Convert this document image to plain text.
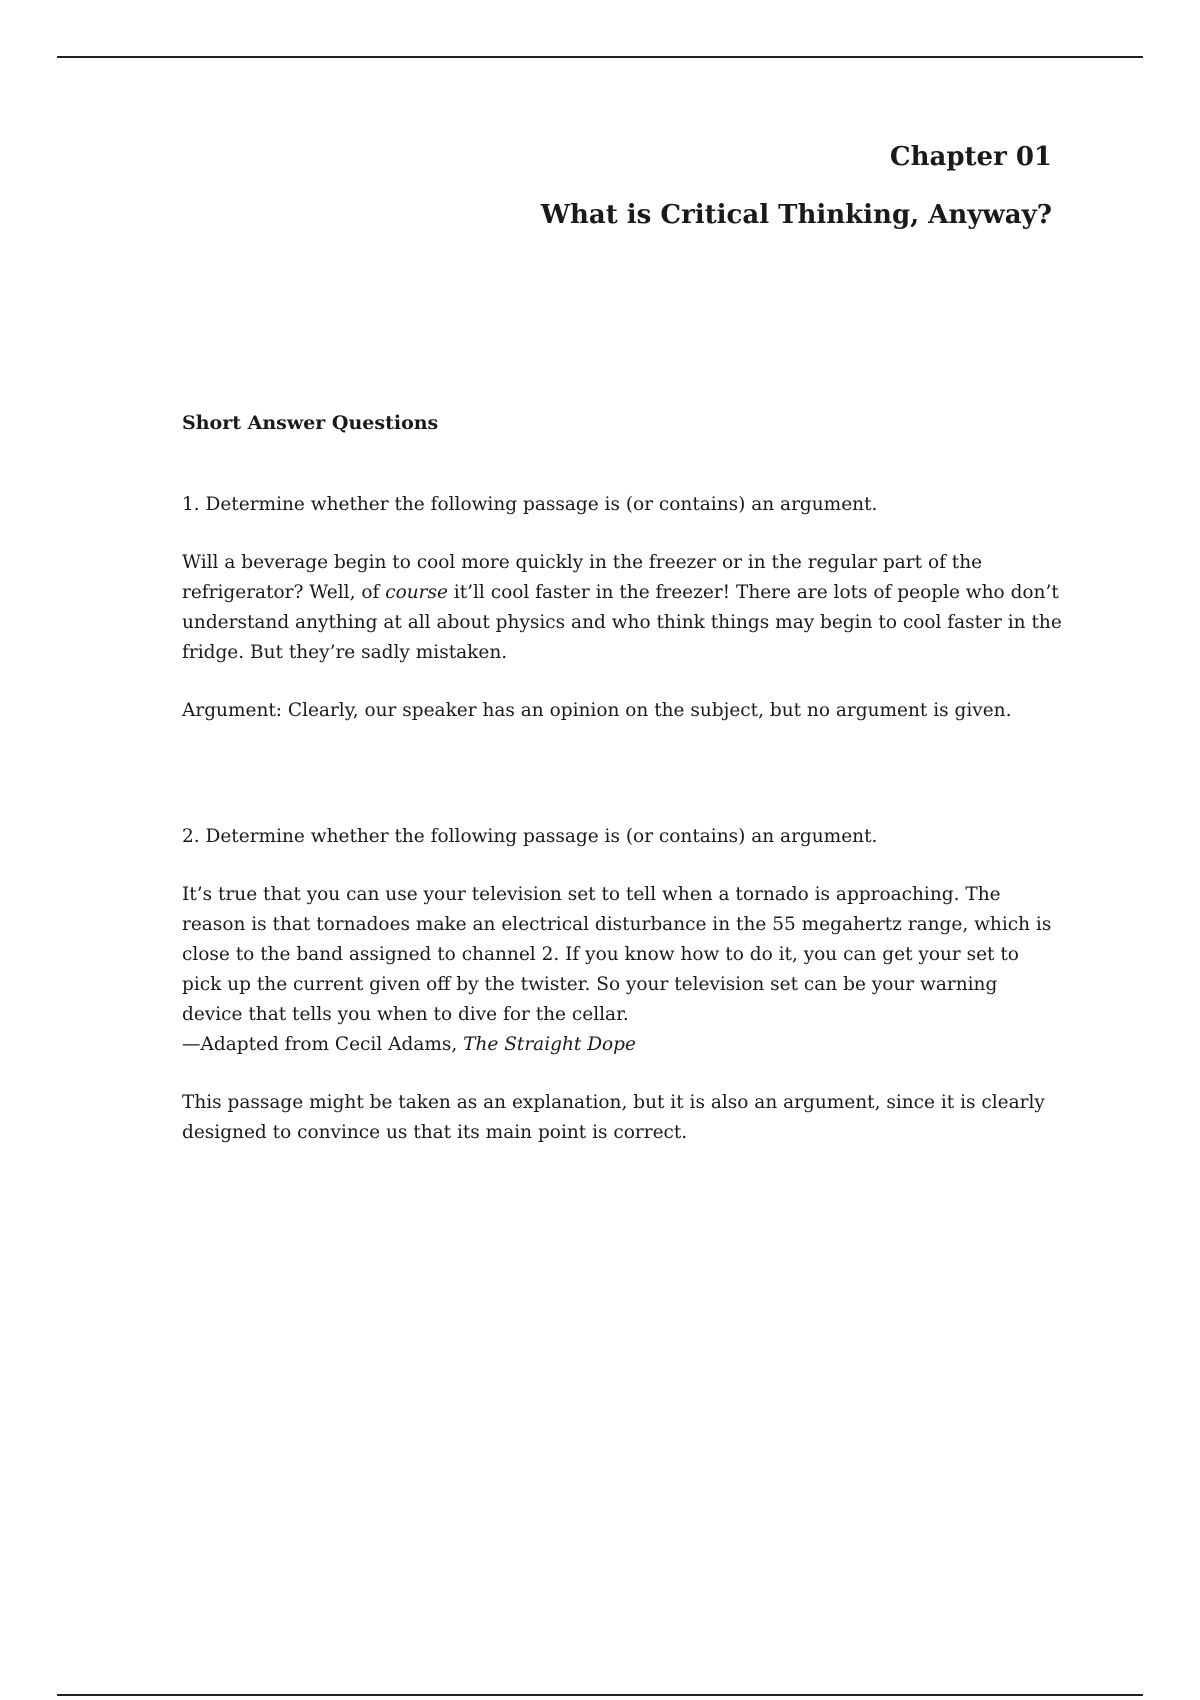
Chapter 01
What is Critical Thinking, Anyway?
Short Answer Questions

1. Determine whether the following passage is (or contains) an argument.

Will a beverage begin to cool more quickly in the freezer or in the regular part of the refrigerator? Well, of course it’ll cool faster in the freezer! There are lots of people who don’t understand anything at all about physics and who think things may begin to cool faster in the fridge. But they’re sadly mistaken.

Argument: Clearly, our speaker has an opinion on the subject, but no argument is given.

2. Determine whether the following passage is (or contains) an argument.

It’s true that you can use your television set to tell when a tornado is approaching. The reason is that tornadoes make an electrical disturbance in the 55 megahertz range, which is close to the band assigned to channel 2. If you know how to do it, you can get your set to pick up the current given off by the twister. So your television set can be your warning device that tells you when to dive for the cellar.

—Adapted from Cecil Adams, The Straight Dope

This passage might be taken as an explanation, but it is also an argument, since it is clearly designed to convince us that its main point is correct.
